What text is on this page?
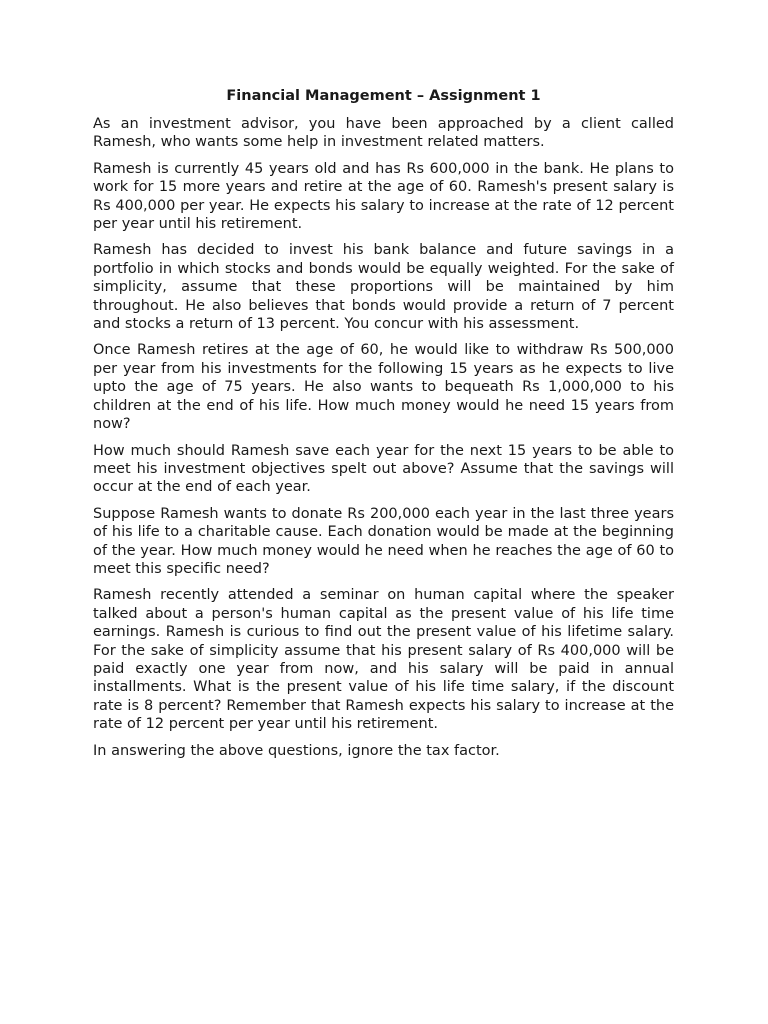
Financial Management – Assignment 1

As an investment advisor, you have been approached by a client called Ramesh, who wants some help in investment related matters.

Ramesh is currently 45 years old and has Rs 600,000 in the bank. He plans to work for 15 more years and retire at the age of 60. Ramesh's present salary is Rs 400,000 per year. He expects his salary to increase at the rate of 12 percent per year until his retirement.

Ramesh has decided to invest his bank balance and future savings in a portfolio in which stocks and bonds would be equally weighted. For the sake of simplicity, assume that these proportions will be maintained by him throughout. He also believes that bonds would provide a return of 7 percent and stocks a return of 13 percent. You concur with his assessment.

Once Ramesh retires at the age of 60, he would like to withdraw Rs 500,000 per year from his investments for the following 15 years as he expects to live upto the age of 75 years. He also wants to bequeath Rs 1,000,000 to his children at the end of his life. How much money would he need 15 years from now?

How much should Ramesh save each year for the next 15 years to be able to meet his investment objectives spelt out above? Assume that the savings will occur at the end of each year.

Suppose Ramesh wants to donate Rs 200,000 each year in the last three years of his life to a charitable cause. Each donation would be made at the beginning of the year. How much money would he need when he reaches the age of 60 to meet this specific need?

Ramesh recently attended a seminar on human capital where the speaker talked about a person's human capital as the present value of his life time earnings. Ramesh is curious to find out the present value of his lifetime salary. For the sake of simplicity assume that his present salary of Rs 400,000 will be paid exactly one year from now, and his salary will be paid in annual installments. What is the present value of his life time salary, if the discount rate is 8 percent? Remember that Ramesh expects his salary to increase at the rate of 12 percent per year until his retirement.

In answering the above questions, ignore the tax factor.
